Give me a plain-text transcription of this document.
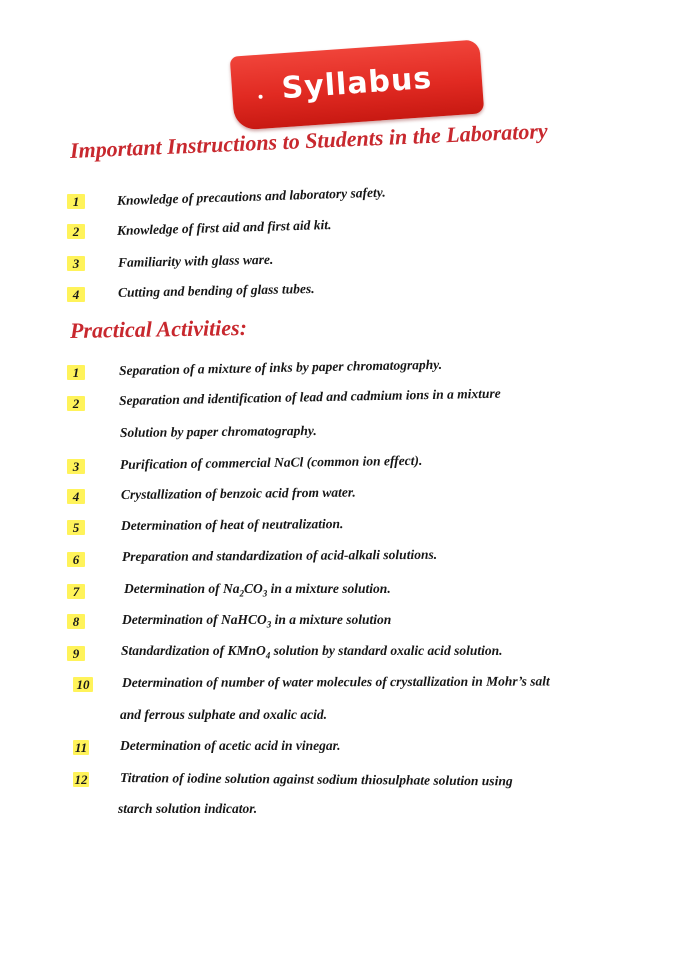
Syllabus
Important Instructions to Students in the Laboratory
1	Knowledge of precautions and laboratory safety.
2	Knowledge of first aid and first aid kit.
3	Familiarity with glass ware.
4	Cutting and bending of glass tubes.
Practical Activities:
1	Separation of a mixture of inks by paper chromatography.
2	Separation and identification of lead and cadmium ions in a mixture
Solution by paper chromatography.
3	Purification of commercial NaCl (common ion effect).
4	Crystallization of benzoic acid from water.
5	Determination of heat of neutralization.
6	Preparation and standardization of acid-alkali solutions.
7	Determination of $Na_2CO_3$ in a mixture solution.
8	Determination of NaHCO$_3$ in a mixture solution
9	Standardization of KMnO$_4$ solution by standard oxalic acid solution.
10 Determination of number of water molecules of crystallization in Mohr’s salt
and ferrous sulphate and oxalic acid.
11 Determination of acetic acid in vinegar.
12 Titration of iodine solution against sodium thiosulphate solution using
starch solution indicator.
